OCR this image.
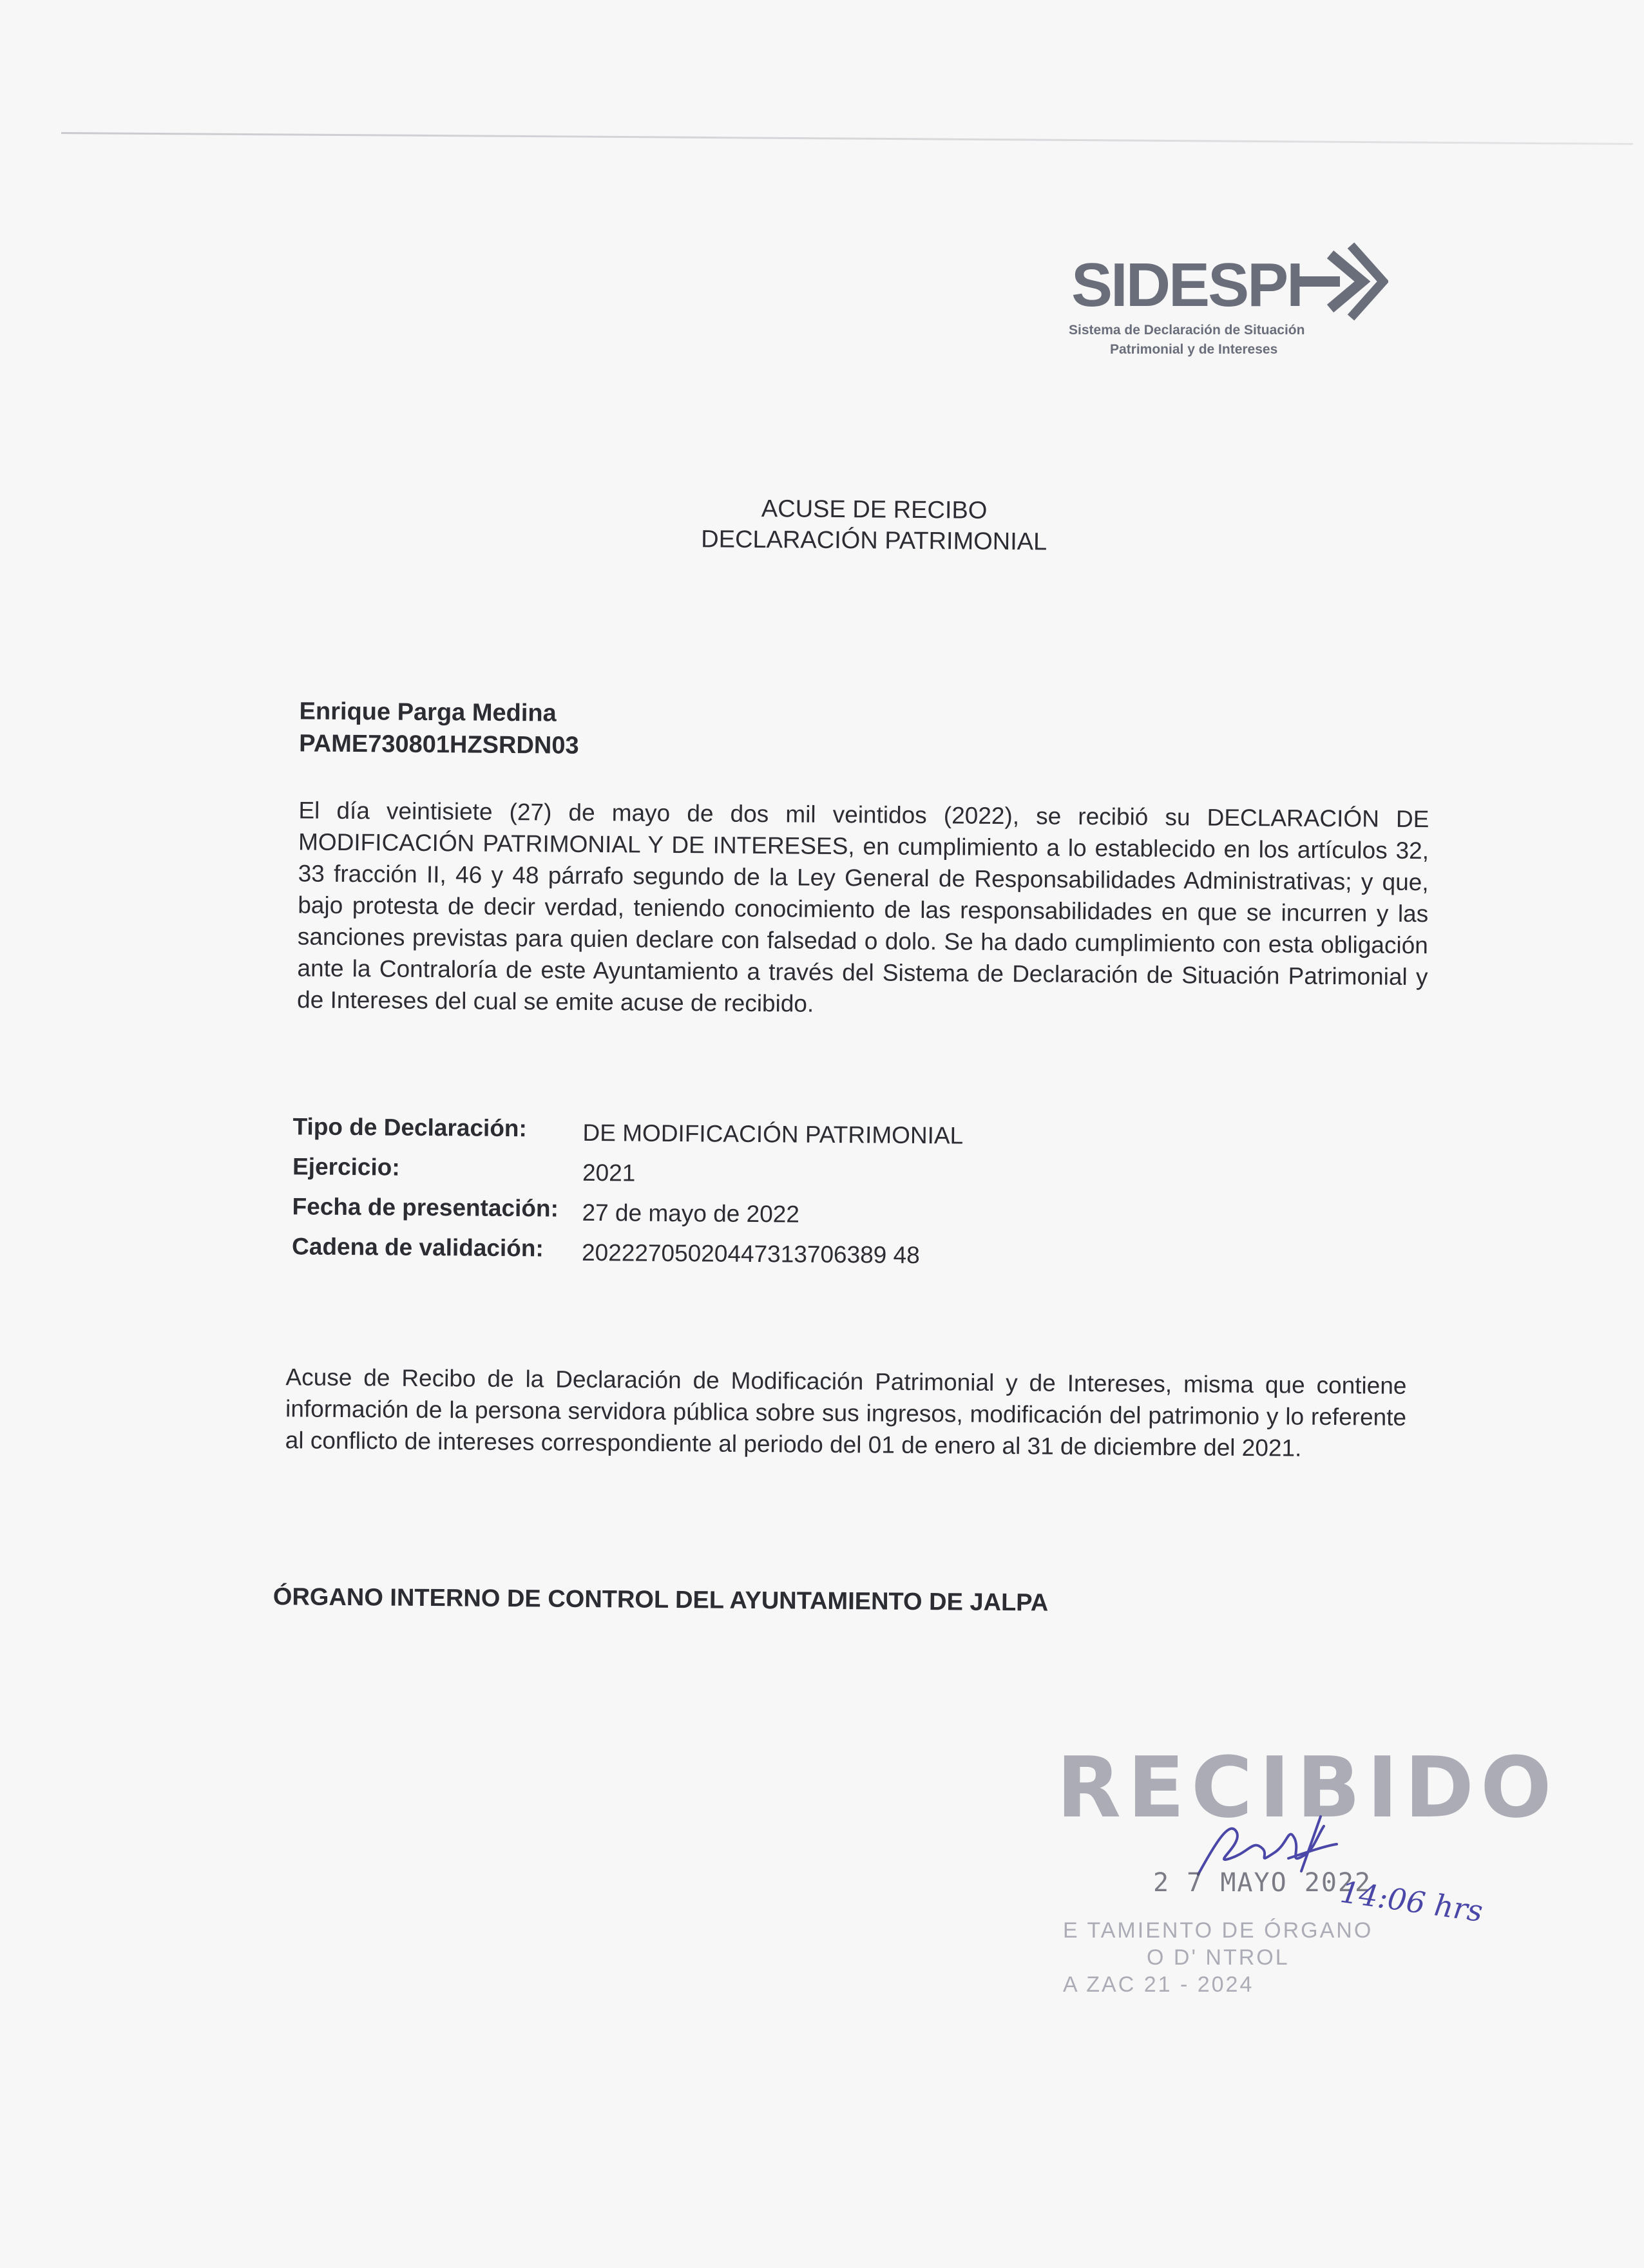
SIDESPI
Sistema de Declaración de Situación
Patrimonial y de Intereses
ACUSE DE RECIBO
DECLARACIÓN PATRIMONIAL
Enrique Parga Medina
PAME730801HZSRDN03
El día veintisiete (27) de mayo de dos mil veintidos (2022), se recibió su DECLARACIÓN DE MODIFICACIÓN PATRIMONIAL Y DE INTERESES, en cumplimiento a lo establecido en los artículos 32, 33 fracción II, 46 y 48 párrafo segundo de la Ley General de Responsabilidades Administrativas; y que, bajo protesta de decir verdad, teniendo conocimiento de las responsabilidades en que se incurren y las sanciones previstas para quien declare con falsedad o dolo. Se ha dado cumplimiento con esta obligación ante la Contraloría de este Ayuntamiento a través del Sistema de Declaración de Situación Patrimonial y de Intereses del cual se emite acuse de recibido.
Tipo de Declaración: DE MODIFICACIÓN PATRIMONIAL
Ejercicio:	2021
Fecha de presentación: 27 de mayo de 2022
Cadena de validación: 20222705020447313706389 48
Acuse de Recibo de la Declaración de Modificación Patrimonial y de Intereses, misma que contiene información de la persona servidora pública sobre sus ingresos, modificación del patrimonio y lo referente al conflicto de intereses correspondiente al periodo del 01 de enero al 31 de diciembre del 2021.
ÓRGANO INTERNO DE CONTROL DEL AYUNTAMIENTO DE JALPA
RECIBIDO
2 7 MAYO 2022
14:06 hrs
E TAMIENTO DE ÓRGANO
O D' NTROL
A ZAC 21 - 2024
